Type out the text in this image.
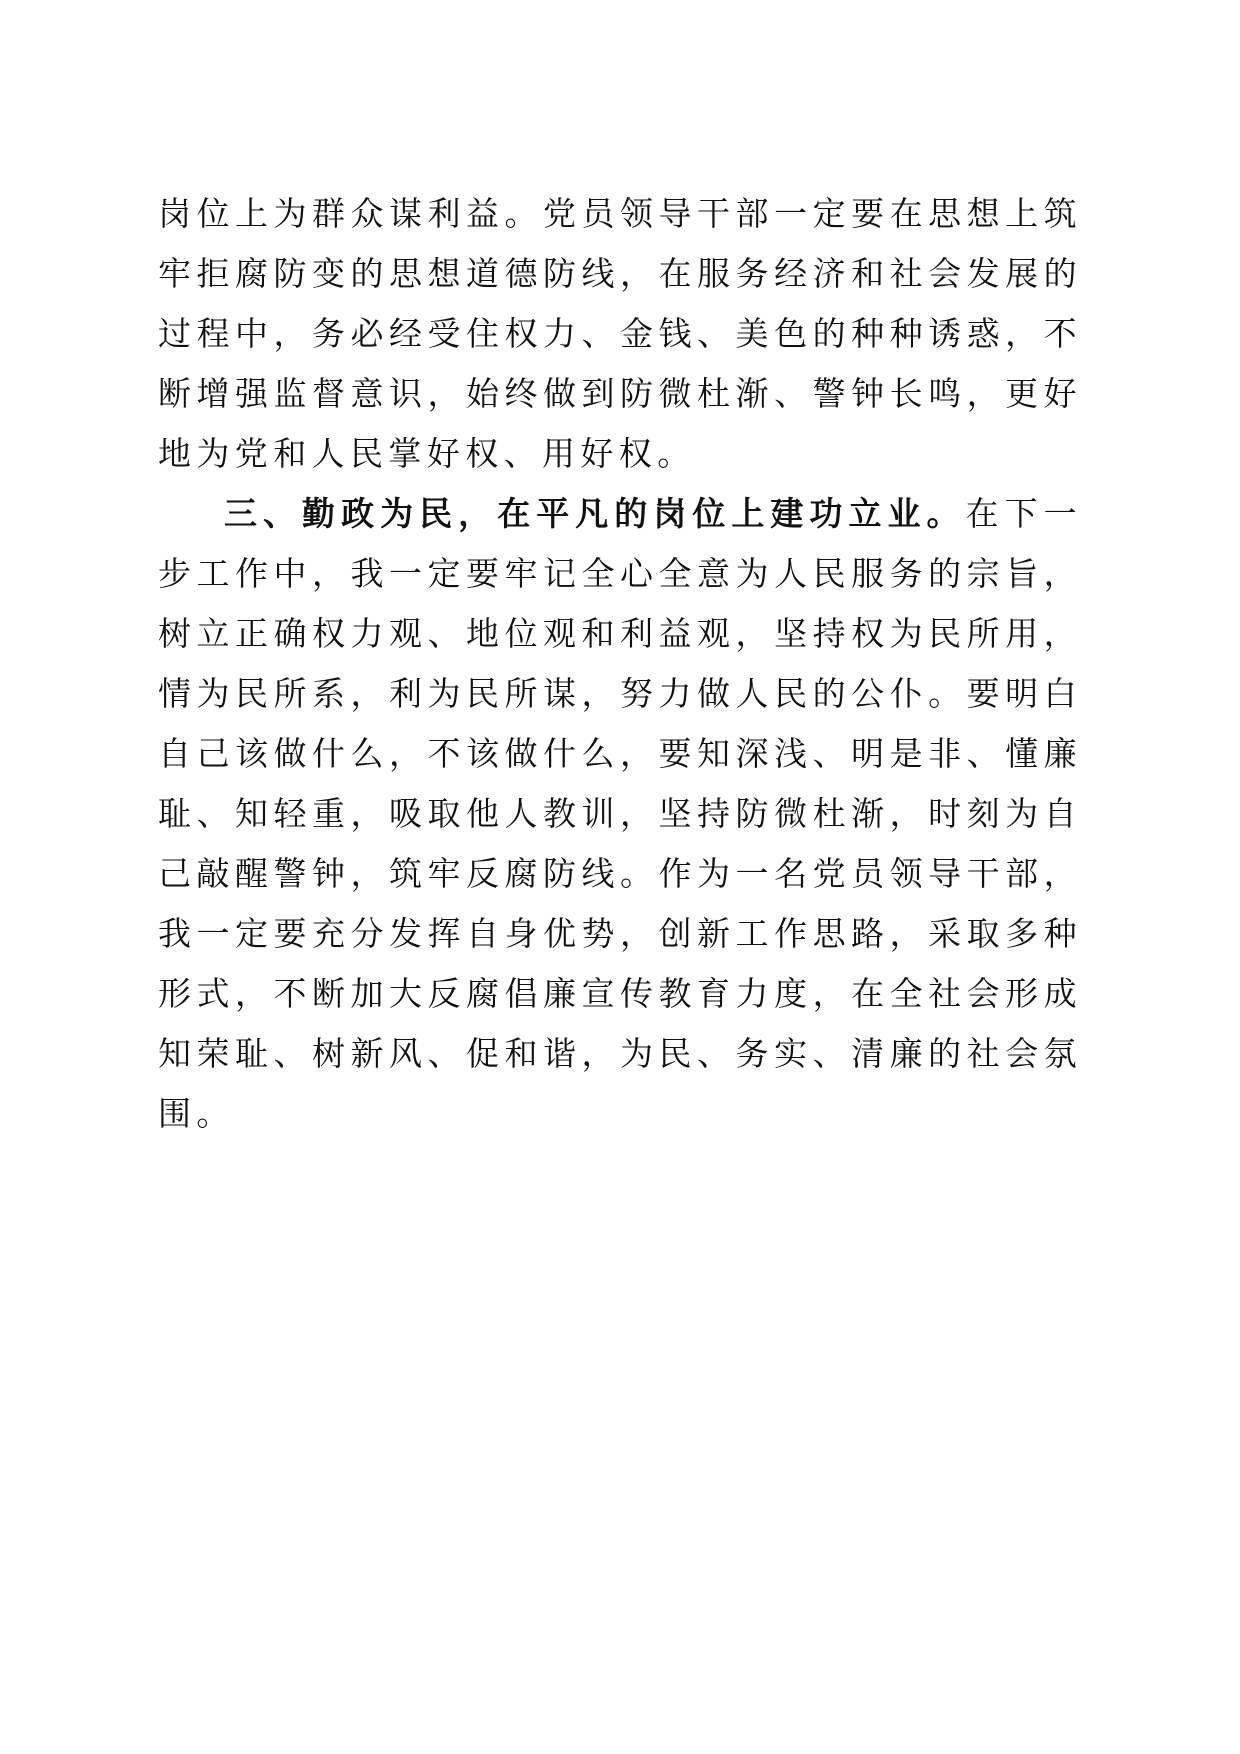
岗位上为群众谋利益。党员领导干部一定要在思想上筑牢拒腐防变的思想道德防线，在服务经济和社会发展的过程中，务必经受住权力、金钱、美色的种种诱惑，不断增强监督意识，始终做到防微杜渐、警钟长鸣，更好地为党和人民掌好权、用好权。

三、勤政为民，在平凡的岗位上建功立业。在下一步工作中，我一定要牢记全心全意为人民服务的宗旨，树立正确权力观、地位观和利益观，坚持权为民所用，情为民所系，利为民所谋，努力做人民的公仆。要明白自己该做什么，不该做什么，要知深浅、明是非、懂廉耻、知轻重，吸取他人教训，坚持防微杜渐，时刻为自己敲醒警钟，筑牢反腐防线。作为一名党员领导干部，我一定要充分发挥自身优势，创新工作思路，采取多种形式，不断加大反腐倡廉宣传教育力度，在全社会形成知荣耻、树新风、促和谐，为民、务实、清廉的社会氛围。
